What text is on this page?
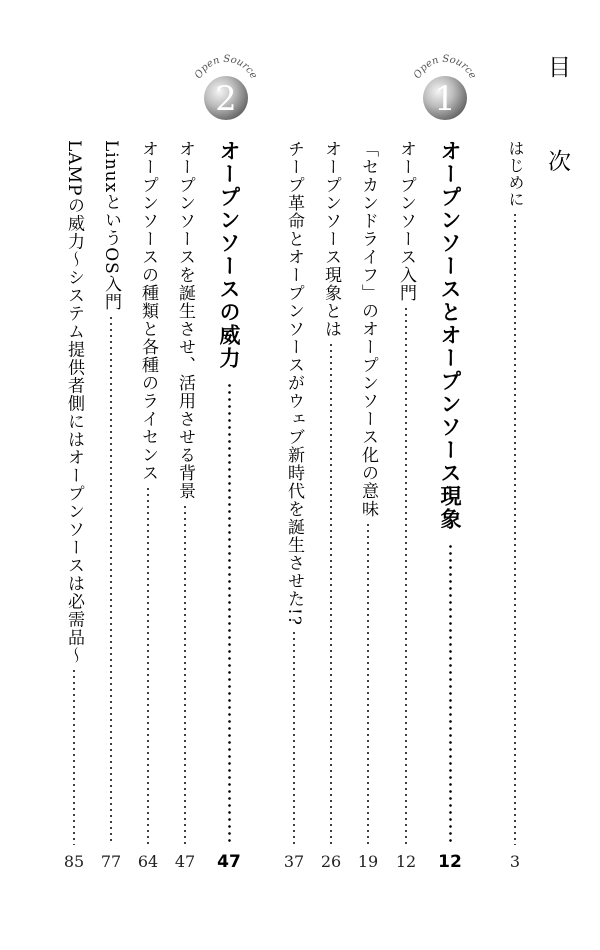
目　次
Open Source
1
Open Source
2
はじめに
3
オープンソースとオープンソース現象
12
オープンソース入門
12
「セカンドライフ」のオープンソース化の意味
19
オープンソース現象とは
26
チープ革命とオープンソースがウェブ新時代を誕生させた!?
37
オープンソースの威力
47
オープンソースを誕生させ、活用させる背景
47
オープンソースの種類と各種のライセンス
64
LinuxというOS入門
77
LAMPの威力〜システム提供者側にはオープンソースは必需品〜
85
